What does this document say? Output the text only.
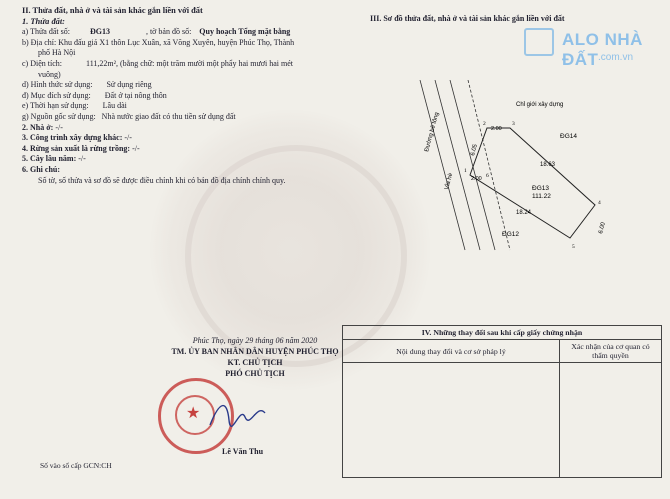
II. Thửa đất, nhà ở và tài sản khác gắn liền với đất
1. Thửa đất:
a) Thửa đất số:	ĐG13	, tờ bản đồ số: Quy hoạch Tổng mặt bằng
b) Địa chỉ: Khu đấu giá X1 thôn Lục Xuân, xã Võng Xuyên, huyện Phúc Thọ, Thành
phố Hà Nội
c) Diện tích:	111,22m², (bằng chữ: một trăm mười một phẩy hai mươi hai mét
vuông)
d) Hình thức sử dụng: Sử dụng riêng
đ) Mục đích sử dụng: Đất ở tại nông thôn
e) Thời hạn sử dụng: Lâu dài
g) Nguồn gốc sử dụng: Nhà nước giao đất có thu tiền sử dụng đất
2. Nhà ở: -/-
3. Công trình xây dựng khác: -/-
4. Rừng sản xuất là rừng trồng: -/-
5. Cây lâu năm: -/-
6. Ghi chú:
Số tờ, số thửa và sơ đồ sẽ được điều chỉnh khi có bản đồ địa chính chính quy.
III. Sơ đồ thửa đất, nhà ở và tài sản khác gắn liền với đất
ALO NHÀ ĐẤT .com.vn
Đường bê tông
Vỉa hè
Chỉ giới xây dựng
ĐG13
111.22
ĐG14
ĐG12
18.63
18.24
6.05
6.00
2.00
2.00
2	3
4
5
1
6
Phúc Thọ, ngày 29 tháng 06 năm 2020
TM. ỦY BAN NHÂN DÂN HUYỆN PHÚC THỌ
KT. CHỦ TỊCH
PHÓ CHỦ TỊCH
★
Lê Văn Thu
Số vào sổ cấp GCN:CH
IV. Những thay đổi sau khi cấp giấy chứng nhận	
Nội dung thay đổi và cơ sở pháp lý	Xác nhận của cơ quan có thẩm quyền
